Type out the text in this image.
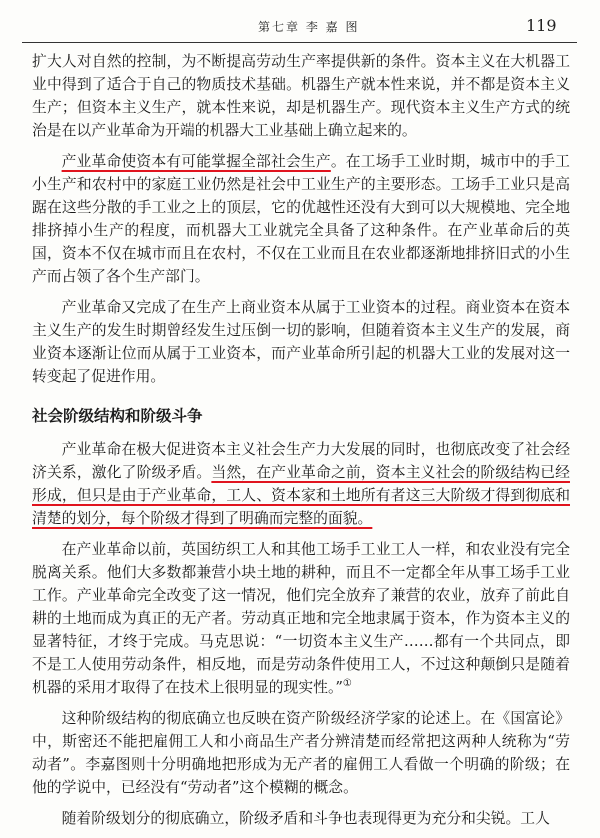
第七章 李 嘉 图	119

扩大人对自然的控制，为不断提高劳动生产率提供新的条件。资本主义在大机器工业中得到了适合于自己的物质技术基础。机器生产就本性来说，并不都是资本主义生产；但资本主义生产，就本性来说，却是机器生产。现代资本主义生产方式的统治是在以产业革命为开端的机器大工业基础上确立起来的。

产业革命使资本有可能掌握全部社会生产。在工场手工业时期，城市中的手工小生产和农村中的家庭工业仍然是社会中工业生产的主要形态。工场手工业只是高踞在这些分散的手工业之上的顶层，它的优越性还没有大到可以大规模地、完全地排挤掉小生产的程度，而机器大工业就完全具备了这种条件。在产业革命后的英国，资本不仅在城市而且在农村，不仅在工业而且在农业都逐渐地排挤旧式的小生产而占领了各个生产部门。

产业革命又完成了在生产上商业资本从属于工业资本的过程。商业资本在资本主义生产的发生时期曾经发生过压倒一切的影响，但随着资本主义生产的发展，商业资本逐渐让位而从属于工业资本，而产业革命所引起的机器大工业的发展对这一转变起了促进作用。

社会阶级结构和阶级斗争

产业革命在极大促进资本主义社会生产力大发展的同时，也彻底改变了社会经济关系，激化了阶级矛盾。当然，在产业革命之前，资本主义社会的阶级结构已经形成，但只是由于产业革命，工人、资本家和土地所有者这三大阶级才得到彻底和清楚的划分，每个阶级才得到了明确而完整的面貌。

在产业革命以前，英国纺织工人和其他工场手工业工人一样，和农业没有完全脱离关系。他们大多数都兼营小块土地的耕种，而且不一定都全年从事工场手工业工作。产业革命完全改变了这一情况，他们完全放弃了兼营的农业，放弃了前此自耕的土地而成为真正的无产者。劳动真正地和完全地隶属于资本，作为资本主义的显著特征，才终于完成。马克思说：“一切资本主义生产……都有一个共同点，即不是工人使用劳动条件，相反地，而是劳动条件使用工人，不过这种颠倒只是随着机器的采用才取得了在技术上很明显的现实性。”①

这种阶级结构的彻底确立也反映在资产阶级经济学家的论述上。在《国富论》中，斯密还不能把雇佣工人和小商品生产者分辨清楚而经常把这两种人统称为“劳动者”。李嘉图则十分明确地把形成为无产者的雇佣工人看做一个明确的阶级；在他的学说中，已经没有“劳动者”这个模糊的概念。

随着阶级划分的彻底确立，阶级矛盾和斗争也表现得更为充分和尖锐。工人
